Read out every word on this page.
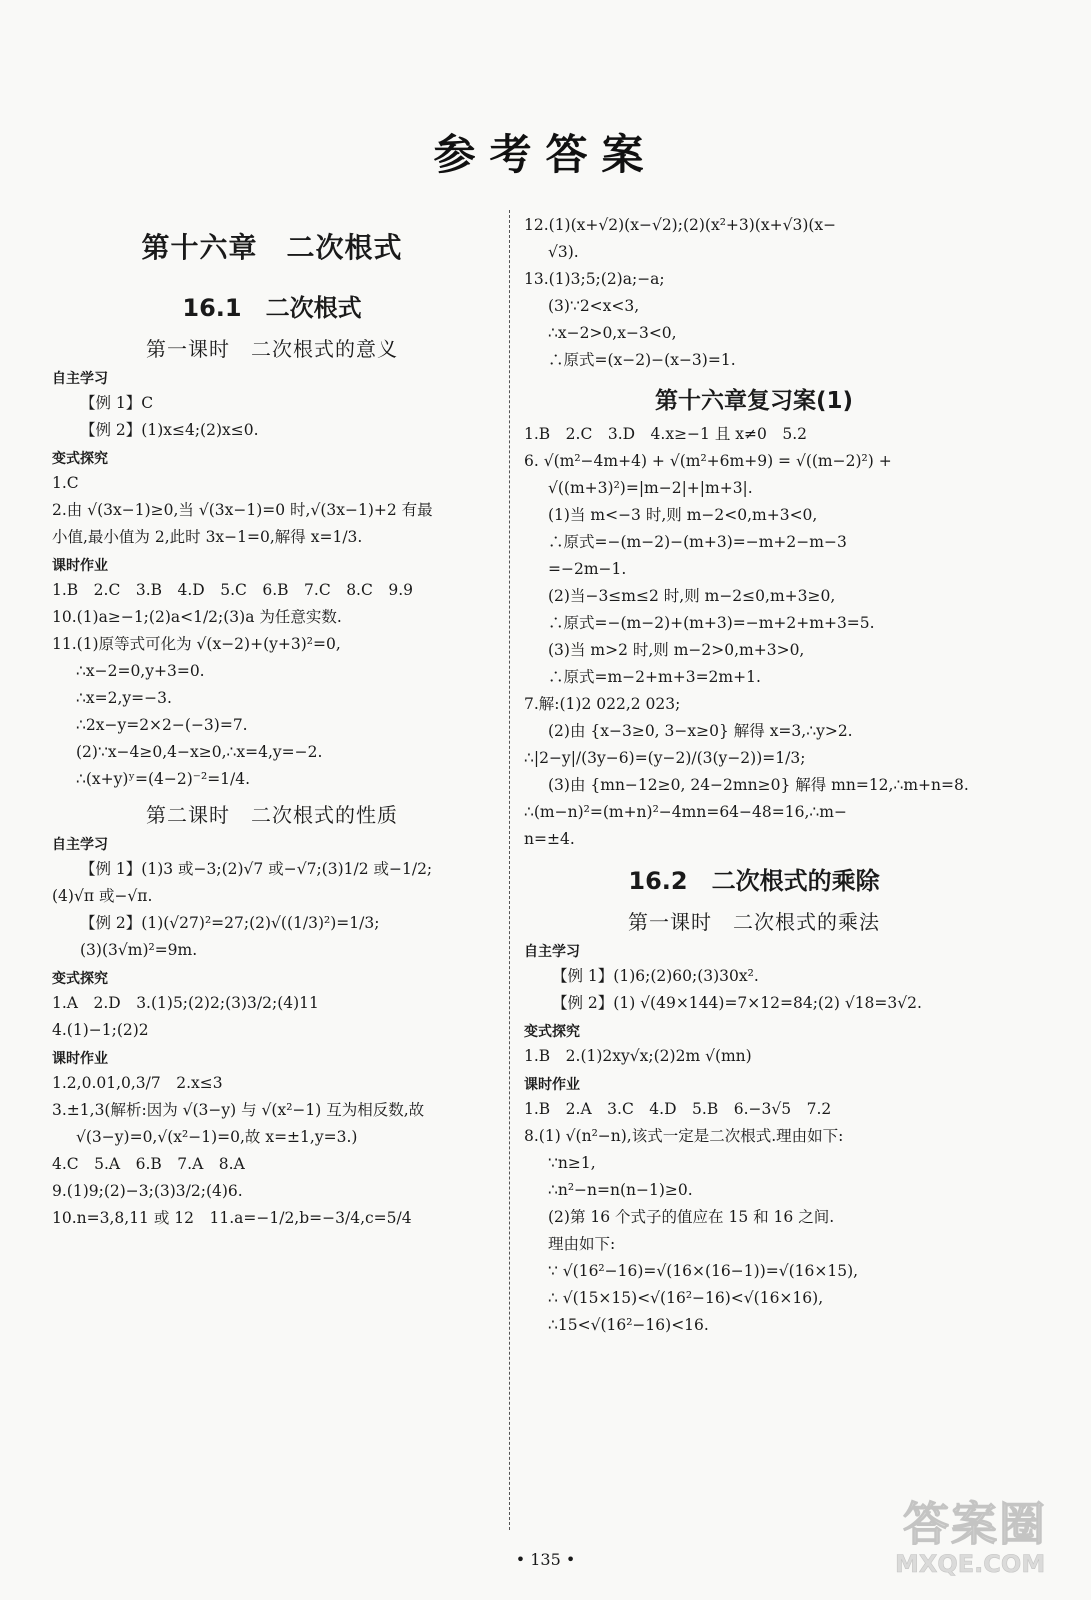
参考答案
第十六章　二次根式
16.1　二次根式
第一课时　二次根式的意义
自主学习
【例 1】C
【例 2】(1)x≤4;(2)x≤0.
变式探究
1.C
2.由 √(3x−1)≥0,当 √(3x−1)=0 时,√(3x−1)+2 有最
小值,最小值为 2,此时 3x−1=0,解得 x=1/3.
课时作业
1.B　2.C　3.B　4.D　5.C　6.B　7.C　8.C　9.9
10.(1)a≥−1;(2)a<1/2;(3)a 为任意实数.
11.(1)原等式可化为 √(x−2)+(y+3)²=0,
∴x−2=0,y+3=0.
∴x=2,y=−3.
∴2x−y=2×2−(−3)=7.
(2)∵x−4≥0,4−x≥0,∴x=4,y=−2.
∴(x+y)ʸ=(4−2)⁻²=1/4.
第二课时　二次根式的性质
自主学习
【例 1】(1)3 或−3;(2)√7 或−√7;(3)1/2 或−1/2;
(4)√π 或−√π.
【例 2】(1)(√27)²=27;(2)√((1/3)²)=1/3;
(3)(3√m)²=9m.
变式探究
1.A　2.D　3.(1)5;(2)2;(3)3/2;(4)11
4.(1)−1;(2)2
课时作业
1.2,0.01,0,3/7　2.x≤3
3.±1,3(解析:因为 √(3−y) 与 √(x²−1) 互为相反数,故
√(3−y)=0,√(x²−1)=0,故 x=±1,y=3.)
4.C　5.A　6.B　7.A　8.A
9.(1)9;(2)−3;(3)3/2;(4)6.
10.n=3,8,11 或 12　11.a=−1/2,b=−3/4,c=5/4
12.(1)(x+√2)(x−√2);(2)(x²+3)(x+√3)(x−
√3).
13.(1)3;5;(2)a;−a;
(3)∵2<x<3,
∴x−2>0,x−3<0,
∴原式=(x−2)−(x−3)=1.
第十六章复习案(1)
1.B　2.C　3.D　4.x≥−1 且 x≠0　5.2
6. √(m²−4m+4) + √(m²+6m+9) = √((m−2)²) +
√((m+3)²)=|m−2|+|m+3|.
(1)当 m<−3 时,则 m−2<0,m+3<0,
∴原式=−(m−2)−(m+3)=−m+2−m−3
=−2m−1.
(2)当−3≤m≤2 时,则 m−2≤0,m+3≥0,
∴原式=−(m−2)+(m+3)=−m+2+m+3=5.
(3)当 m>2 时,则 m−2>0,m+3>0,
∴原式=m−2+m+3=2m+1.
7.解:(1)2 022,2 023;
(2)由 {x−3≥0, 3−x≥0} 解得 x=3,∴y>2.
∴|2−y|/(3y−6)=(y−2)/(3(y−2))=1/3;
(3)由 {mn−12≥0, 24−2mn≥0} 解得 mn=12,∴m+n=8.
∴(m−n)²=(m+n)²−4mn=64−48=16,∴m−
n=±4.
16.2　二次根式的乘除
第一课时　二次根式的乘法
自主学习
【例 1】(1)6;(2)60;(3)30x².
【例 2】(1) √(49×144)=7×12=84;(2) √18=3√2.
变式探究
1.B　2.(1)2xy√x;(2)2m √(mn)
课时作业
1.B　2.A　3.C　4.D　5.B　6.−3√5　7.2
8.(1) √(n²−n),该式一定是二次根式.理由如下:
∵n≥1,
∴n²−n=n(n−1)≥0.
(2)第 16 个式子的值应在 15 和 16 之间.
理由如下:
∵ √(16²−16)=√(16×(16−1))=√(16×15),
∴ √(15×15)<√(16²−16)<√(16×16),
∴15<√(16²−16)<16.
• 135 •
答案圈
MXQE.COM
